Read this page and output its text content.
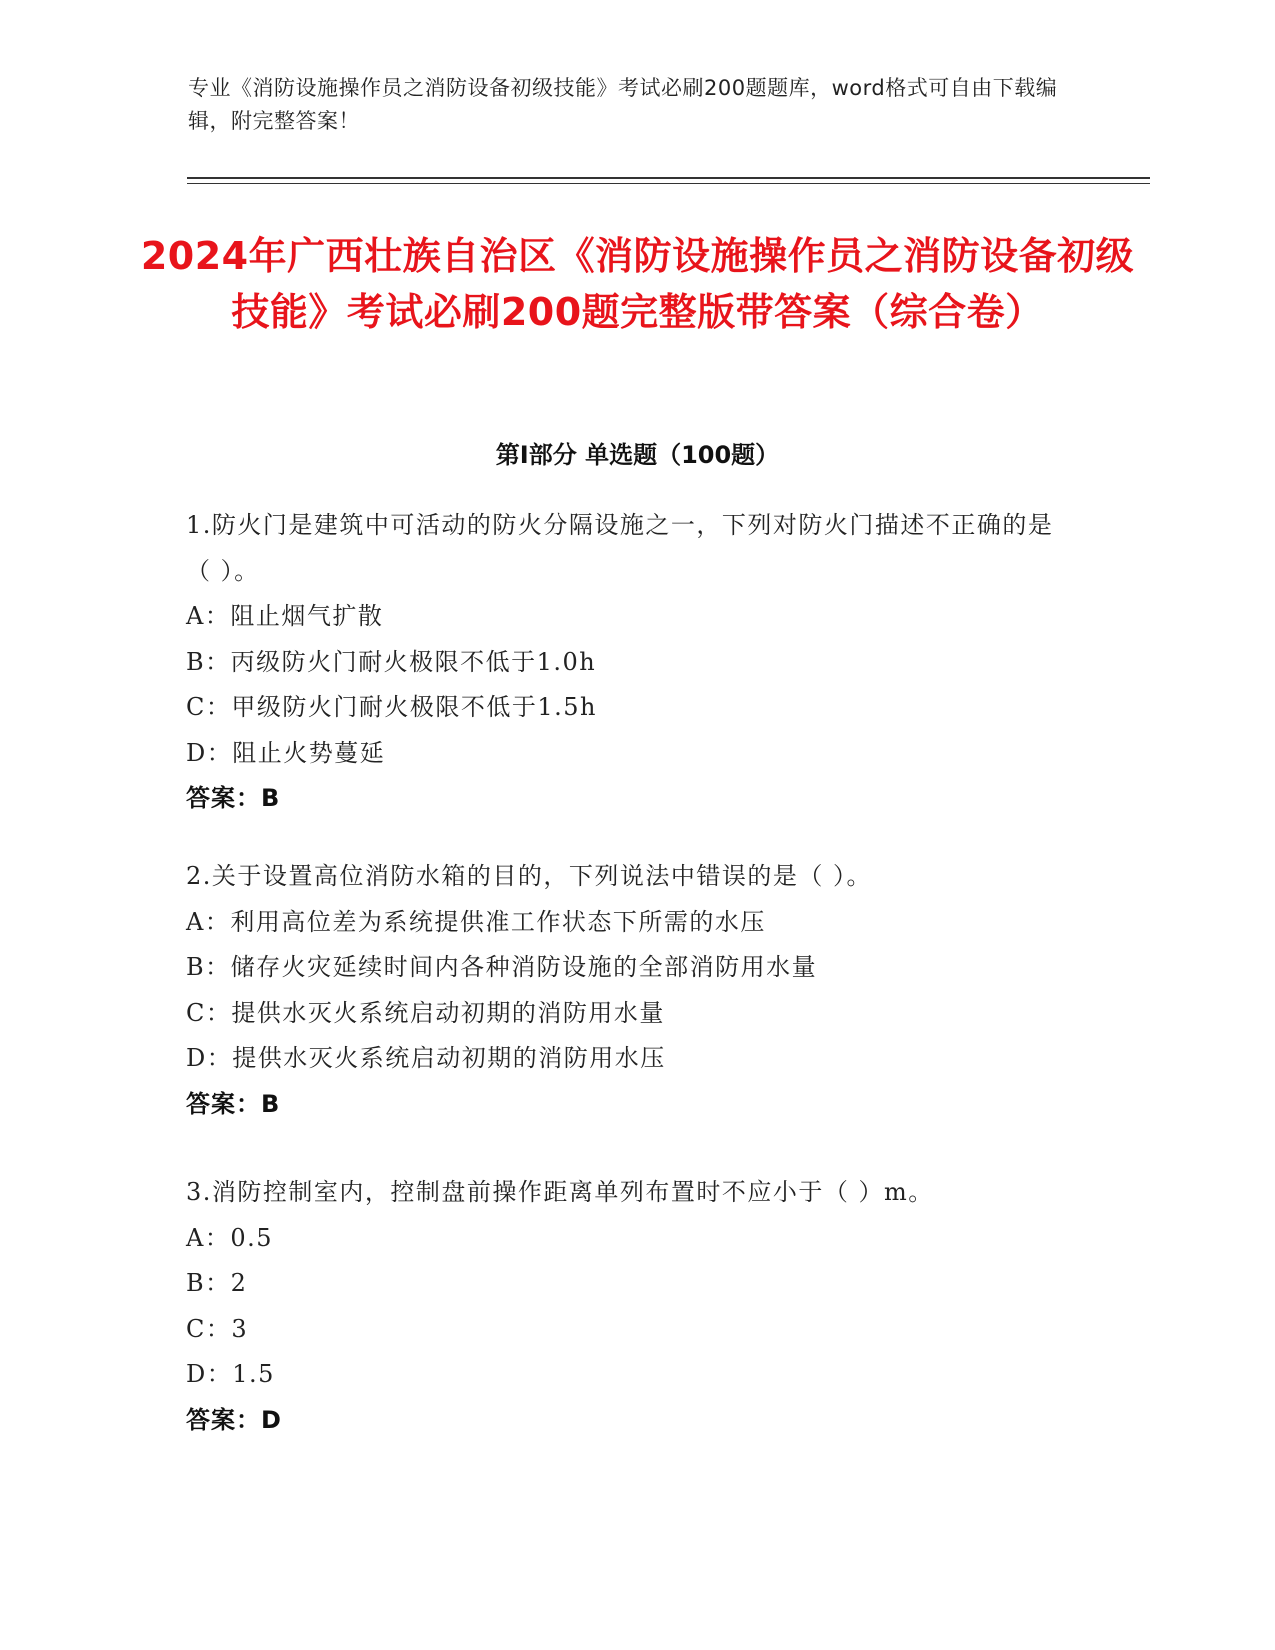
专业《消防设施操作员之消防设备初级技能》考试必刷200题题库，word格式可自由下载编辑，附完整答案！
2024年广西壮族自治区《消防设施操作员之消防设备初级技能》考试必刷200题完整版带答案（综合卷）
第Ⅰ部分 单选题（100题）
1.防火门是建筑中可活动的防火分隔设施之一，下列对防火门描述不正确的是（ ）。
A：阻止烟气扩散
B：丙级防火门耐火极限不低于1.0h
C：甲级防火门耐火极限不低于1.5h
D：阻止火势蔓延
答案：B
2.关于设置高位消防水箱的目的，下列说法中错误的是（ ）。
A：利用高位差为系统提供准工作状态下所需的水压
B：储存火灾延续时间内各种消防设施的全部消防用水量
C：提供水灭火系统启动初期的消防用水量
D：提供水灭火系统启动初期的消防用水压
答案：B
3.消防控制室内，控制盘前操作距离单列布置时不应小于（ ）m。
A：0.5
B：2
C：3
D：1.5
答案：D
